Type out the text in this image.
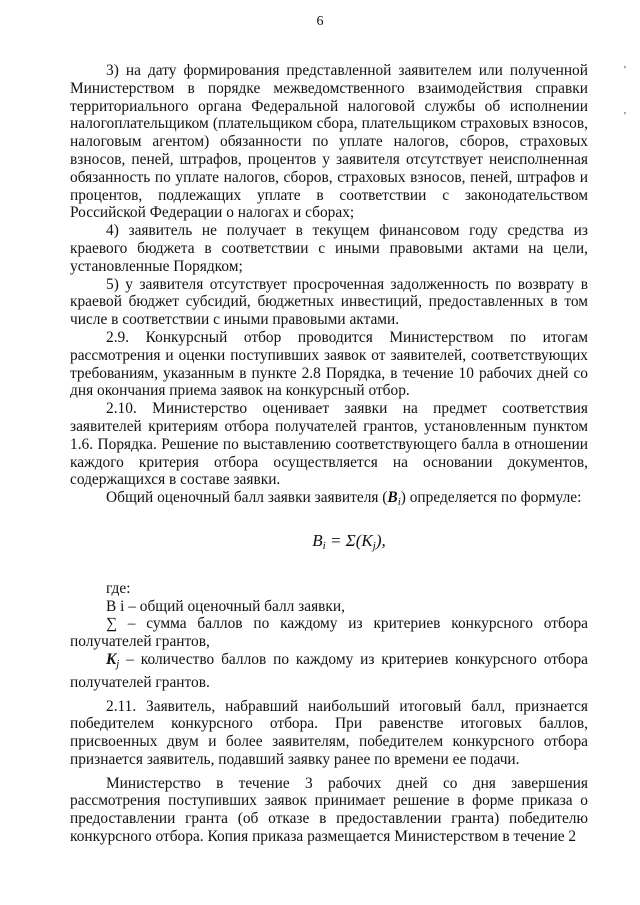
6

3) на дату формирования представленной заявителем или полученной Министерством в порядке межведомственного взаимодействия справки территориального органа Федеральной налоговой службы об исполнении налогоплательщиком (плательщиком сбора, плательщиком страховых взносов, налоговым агентом) обязанности по уплате налогов, сборов, страховых взносов, пеней, штрафов, процентов у заявителя отсутствует неисполненная обязанность по уплате налогов, сборов, страховых взносов, пеней, штрафов и процентов, подлежащих уплате в соответствии с законодательством Российской Федерации о налогах и сборах;

4) заявитель не получает в текущем финансовом году средства из краевого бюджета в соответствии с иными правовыми актами на цели, установленные Порядком;

5) у заявителя отсутствует просроченная задолженность по возврату в краевой бюджет субсидий, бюджетных инвестиций, предоставленных в том числе в соответствии с иными правовыми актами.

2.9. Конкурсный отбор проводится Министерством по итогам рассмотрения и оценки поступивших заявок от заявителей, соответствующих требованиям, указанным в пункте 2.8 Порядка, в течение 10 рабочих дней со дня окончания приема заявок на конкурсный отбор.

2.10. Министерство оценивает заявки на предмет соответствия заявителей критериям отбора получателей грантов, установленным пунктом 1.6. Порядка. Решение по выставлению соответствующего балла в отношении каждого критерия отбора осуществляется на основании документов, содержащихся в составе заявки.

Общий оценочный балл заявки заявителя $(B_i)$ определяется по формуле:

$B_i = \Sigma(K_j)$,

где:

B i – общий оценочный балл заявки,

∑ – сумма баллов по каждому из критериев конкурсного отбора получателей грантов,

$K_j$ – количество баллов по каждому из критериев конкурсного отбора получателей грантов.

2.11. Заявитель, набравший наибольший итоговый балл, признается победителем конкурсного отбора. При равенстве итоговых баллов, присвоенных двум и более заявителям, победителем конкурсного отбора признается заявитель, подавший заявку ранее по времени ее подачи.

Министерство в течение 3 рабочих дней со дня завершения рассмотрения поступивших заявок принимает решение в форме приказа о предоставлении гранта (об отказе в предоставлении гранта) победителю конкурсного отбора. Копия приказа размещается Министерством в течение 2

'
'
